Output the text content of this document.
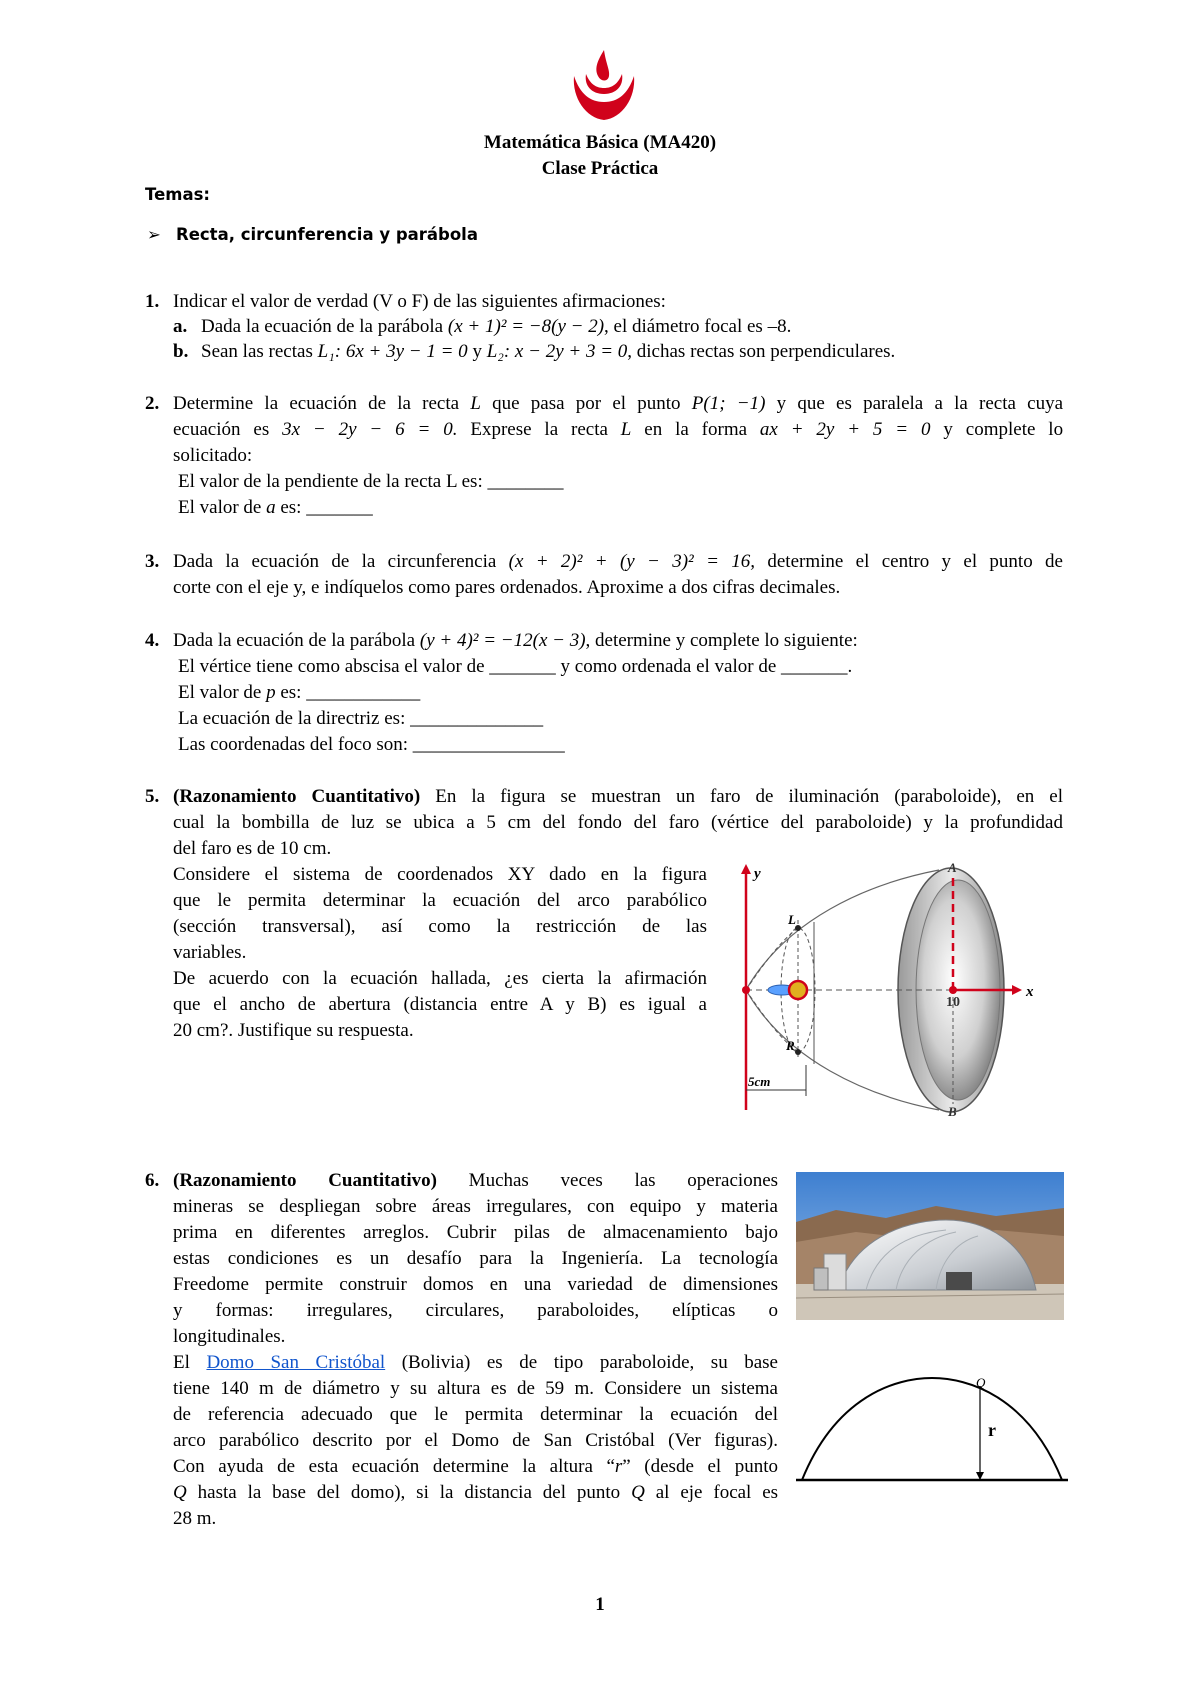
Matemática Básica (MA420)
Clase Práctica
Temas:
➢ Recta, circunferencia y parábola
1. Indicar el valor de verdad (V o F) de las siguientes afirmaciones:
a. Dada la ecuación de la parábola (x + 1)² = −8(y − 2), el diámetro focal es –8.
b. Sean las rectas L₁: 6x + 3y − 1 = 0 y L₂: x − 2y + 3 = 0, dichas rectas son perpendiculares.
2. Determine la ecuación de la recta L que pasa por el punto P(1; −1) y que es paralela a la recta cuya
ecuación es 3x − 2y − 6 = 0. Exprese la recta L en la forma ax + 2y + 5 = 0 y complete lo
solicitado:
El valor de la pendiente de la recta L es: ________
El valor de a es: _______
3. Dada la ecuación de la circunferencia (x + 2)² + (y − 3)² = 16, determine el centro y el punto de
corte con el eje y, e indíquelos como pares ordenados. Aproxime a dos cifras decimales.
4. Dada la ecuación de la parábola (y + 4)² = −12(x − 3), determine y complete lo siguiente:
El vértice tiene como abscisa el valor de _______ y como ordenada el valor de _______.
El valor de p es: ____________
La ecuación de la directriz es: ______________
Las coordenadas del foco son: ________________
5. (Razonamiento Cuantitativo) En la figura se muestran un faro de iluminación (paraboloide), en el
cual la bombilla de luz se ubica a 5 cm del fondo del faro (vértice del paraboloide) y la profundidad
del faro es de 10 cm.
Considere el sistema de coordenados XY dado en la figura
que le permita determinar la ecuación del arco parabólico
(sección transversal), así como la restricción de las
variables.
De acuerdo con la ecuación hallada, ¿es cierta la afirmación
que el ancho de abertura (distancia entre A y B) es igual a
20 cm?. Justifique su respuesta.
y
x
A
B
L
R
10
5cm
6. (Razonamiento Cuantitativo) Muchas veces las operaciones
mineras se despliegan sobre áreas irregulares, con equipo y materia
prima en diferentes arreglos. Cubrir pilas de almacenamiento bajo
estas condiciones es un desafío para la Ingeniería. La tecnología
Freedome permite construir domos en una variedad de dimensiones
y formas: irregulares, circulares, paraboloides, elípticas o
longitudinales.
El Domo San Cristóbal (Bolivia) es de tipo paraboloide, su base
tiene 140 m de diámetro y su altura es de 59 m. Considere un sistema
de referencia adecuado que le permita determinar la ecuación del
arco parabólico descrito por el Domo de San Cristóbal (Ver figuras).
Con ayuda de esta ecuación determine la altura “r” (desde el punto
Q hasta la base del domo), si la distancia del punto Q al eje focal es
28 m.
Q
r
1
